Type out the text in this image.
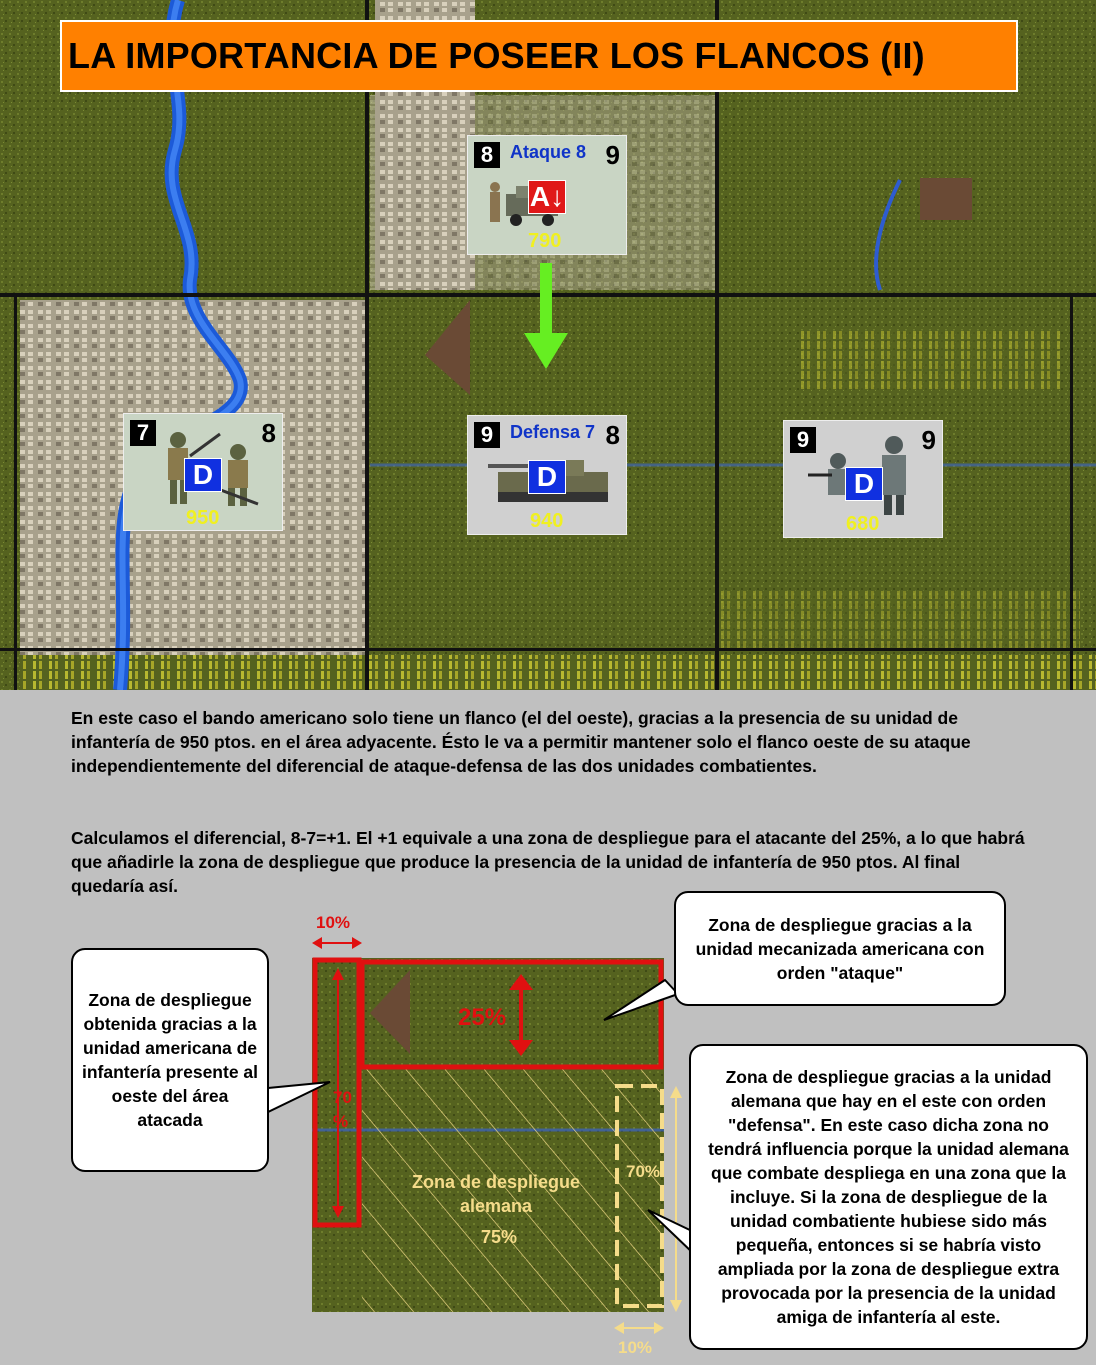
LA IMPORTANCIA DE POSEER LOS FLANCOS (II)
8 Ataque 8 9
A↓
790
7	8
D
950
9 Defensa 7 8
D
940
9	9
D
680
En este caso el bando americano solo tiene un flanco (el del oeste), gracias a la presencia de su unidad de infantería de 950 ptos. en el área adyacente. Ésto le va a permitir mantener solo el flanco oeste de su ataque independientemente del diferencial de ataque-defensa de las dos unidades combatientes.
Calculamos el diferencial, 8-7=+1. El +1 equivale a una zona de despliegue para el atacante del 25%, a lo que habrá que añadirle la zona de despliegue que produce la presencia de la unidad de infantería de 950 ptos. Al final quedaría así.
10%
25%
70 %
70%
10%
Zona de despliegue
alemana
75%
Zona de despliegue obtenida gracias a la unidad americana de infantería presente al oeste del área atacada
Zona de despliegue gracias a la unidad mecanizada americana con orden "ataque"
Zona de despliegue gracias a la unidad alemana que hay en el este con orden "defensa". En este caso dicha zona no tendrá influencia porque la unidad alemana que combate despliega en una zona que la incluye. Si la zona de despliegue de la unidad combatiente hubiese sido más pequeña, entonces si se habría visto ampliada por la zona de despliegue extra provocada por la presencia de la unidad amiga de infantería al este.
